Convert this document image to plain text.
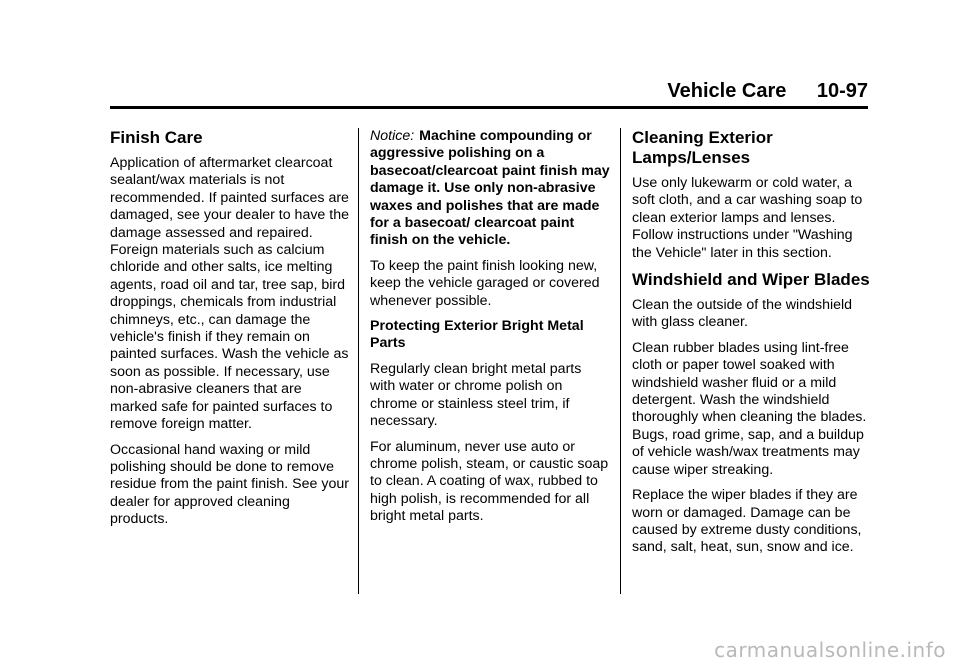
Vehicle Care 10-97
Finish Care

Application of aftermarket clearcoat sealant/wax materials is not recommended. If painted surfaces are damaged, see your dealer to have the damage assessed and repaired. Foreign materials such as calcium chloride and other salts, ice melting agents, road oil and tar, tree sap, bird droppings, chemicals from industrial chimneys, etc., can damage the vehicle's finish if they remain on painted surfaces. Wash the vehicle as soon as possible. If necessary, use non-abrasive cleaners that are marked safe for painted surfaces to remove foreign matter.

Occasional hand waxing or mild polishing should be done to remove residue from the paint finish. See your dealer for approved cleaning products.

Notice: Machine compounding or aggressive polishing on a basecoat/clearcoat paint finish may damage it. Use only non-abrasive waxes and polishes that are made for a basecoat/ clearcoat paint finish on the vehicle.

To keep the paint finish looking new, keep the vehicle garaged or covered whenever possible.

Protecting Exterior Bright Metal Parts

Regularly clean bright metal parts with water or chrome polish on chrome or stainless steel trim, if necessary.

For aluminum, never use auto or chrome polish, steam, or caustic soap to clean. A coating of wax, rubbed to high polish, is recommended for all bright metal parts.

Cleaning Exterior Lamps/Lenses

Use only lukewarm or cold water, a soft cloth, and a car washing soap to clean exterior lamps and lenses. Follow instructions under "Washing the Vehicle" later in this section.

Windshield and Wiper Blades

Clean the outside of the windshield with glass cleaner.

Clean rubber blades using lint-free cloth or paper towel soaked with windshield washer fluid or a mild detergent. Wash the windshield thoroughly when cleaning the blades. Bugs, road grime, sap, and a buildup of vehicle wash/wax treatments may cause wiper streaking.

Replace the wiper blades if they are worn or damaged. Damage can be caused by extreme dusty conditions, sand, salt, heat, sun, snow and ice.

carmanualsonline.info
